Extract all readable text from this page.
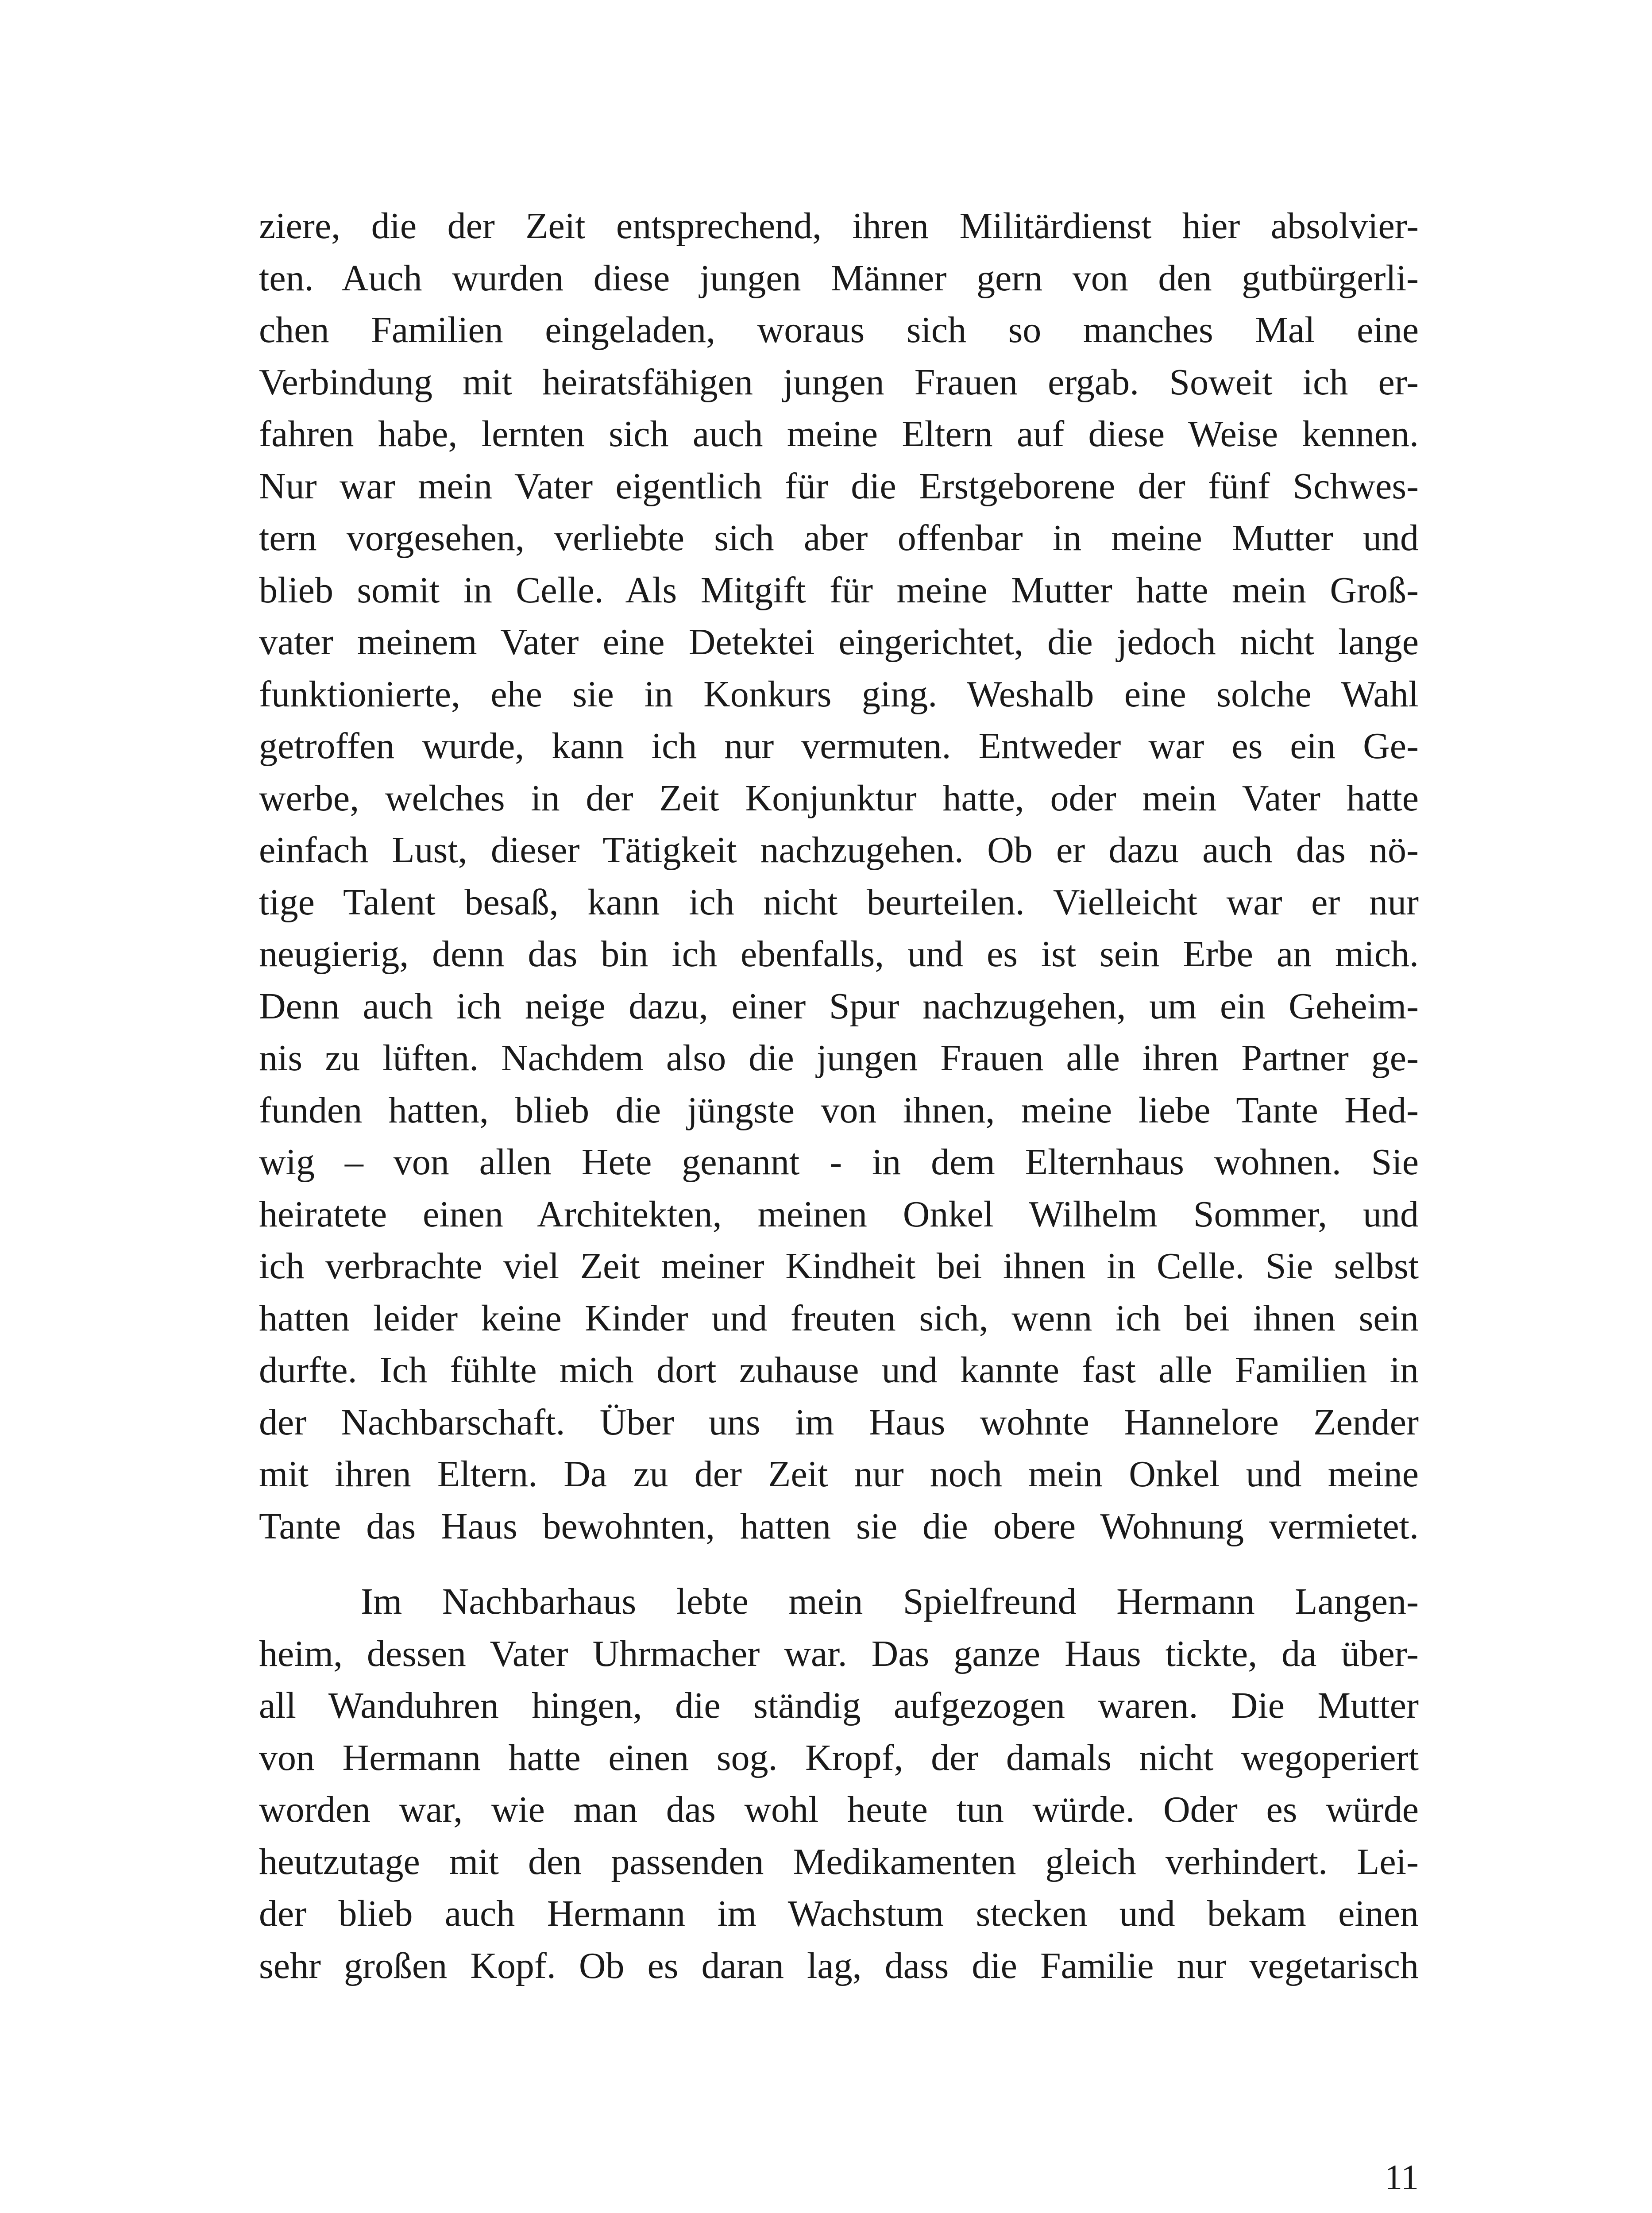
ziere, die der Zeit entsprechend, ihren Militärdienst hier absolvier-
ten. Auch wurden diese jungen Männer gern von den gutbürgerli-
chen Familien eingeladen, woraus sich so manches Mal eine
Verbindung mit heiratsfähigen jungen Frauen ergab. Soweit ich er-
fahren habe, lernten sich auch meine Eltern auf diese Weise kennen.
Nur war mein Vater eigentlich für die Erstgeborene der fünf Schwes-
tern vorgesehen, verliebte sich aber offenbar in meine Mutter und
blieb somit in Celle. Als Mitgift für meine Mutter hatte mein Groß-
vater meinem Vater eine Detektei eingerichtet, die jedoch nicht lange
funktionierte, ehe sie in Konkurs ging. Weshalb eine solche Wahl
getroffen wurde, kann ich nur vermuten. Entweder war es ein Ge-
werbe, welches in der Zeit Konjunktur hatte, oder mein Vater hatte
einfach Lust, dieser Tätigkeit nachzugehen. Ob er dazu auch das nö-
tige Talent besaß, kann ich nicht beurteilen. Vielleicht war er nur
neugierig, denn das bin ich ebenfalls, und es ist sein Erbe an mich.
Denn auch ich neige dazu, einer Spur nachzugehen, um ein Geheim-
nis zu lüften. Nachdem also die jungen Frauen alle ihren Partner ge-
funden hatten, blieb die jüngste von ihnen, meine liebe Tante Hed-
wig – von allen Hete genannt - in dem Elternhaus wohnen. Sie
heiratete einen Architekten, meinen Onkel Wilhelm Sommer, und
ich verbrachte viel Zeit meiner Kindheit bei ihnen in Celle. Sie selbst
hatten leider keine Kinder und freuten sich, wenn ich bei ihnen sein
durfte. Ich fühlte mich dort zuhause und kannte fast alle Familien in
der Nachbarschaft. Über uns im Haus wohnte Hannelore Zender
mit ihren Eltern. Da zu der Zeit nur noch mein Onkel und meine
Tante das Haus bewohnten, hatten sie die obere Wohnung vermietet.
Im Nachbarhaus lebte mein Spielfreund Hermann Langen-
heim, dessen Vater Uhrmacher war. Das ganze Haus tickte, da über-
all Wanduhren hingen, die ständig aufgezogen waren. Die Mutter
von Hermann hatte einen sog. Kropf, der damals nicht wegoperiert
worden war, wie man das wohl heute tun würde. Oder es würde
heutzutage mit den passenden Medikamenten gleich verhindert. Lei-
der blieb auch Hermann im Wachstum stecken und bekam einen
sehr großen Kopf. Ob es daran lag, dass die Familie nur vegetarisch
11
